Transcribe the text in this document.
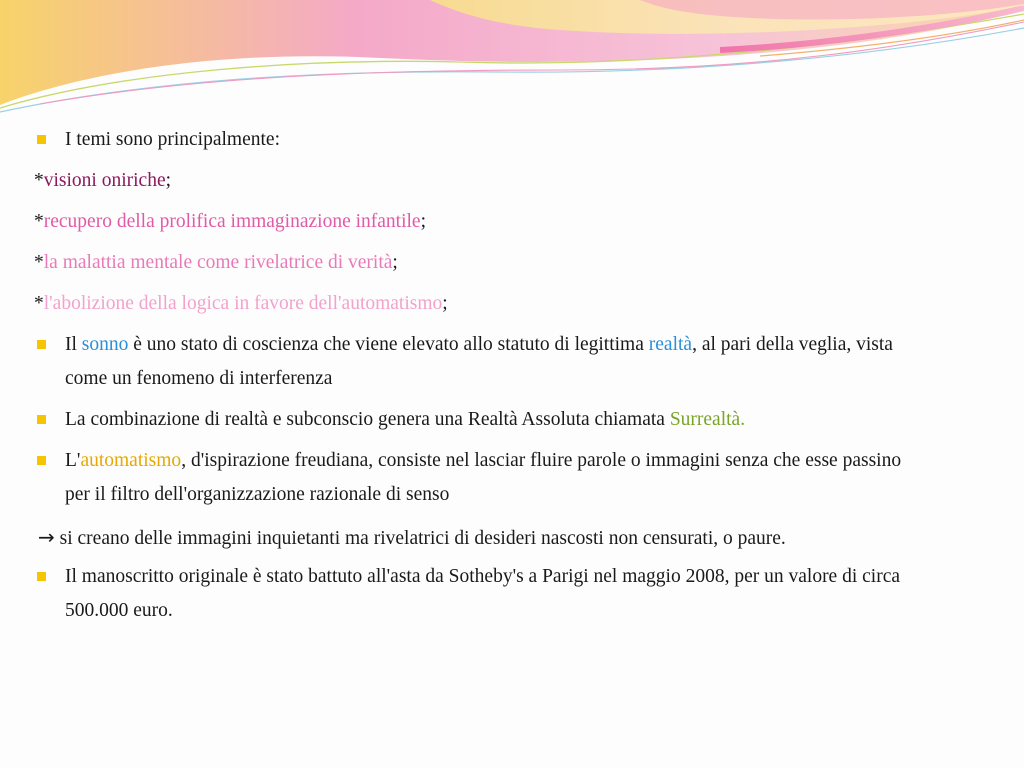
I temi sono principalmente:
*visioni oniriche;
*recupero della prolifica immaginazione infantile;
*la malattia mentale come rivelatrice di verità;
*l'abolizione della logica in favore dell'automatismo;
Il sonno è uno stato di coscienza che viene elevato allo statuto di legittima realtà, al pari della veglia, vista
come un fenomeno di interferenza
La combinazione di realtà e subconscio genera una Realtà Assoluta chiamata Surrealtà.
L'automatismo, d'ispirazione freudiana, consiste nel lasciar fluire parole o immagini senza che esse passino
per il filtro dell'organizzazione razionale di senso
→ si creano delle immagini inquietanti ma rivelatrici di desideri nascosti non censurati, o paure.
Il manoscritto originale è stato battuto all'asta da Sotheby's a Parigi nel maggio 2008, per un valore di circa
500.000 euro.
